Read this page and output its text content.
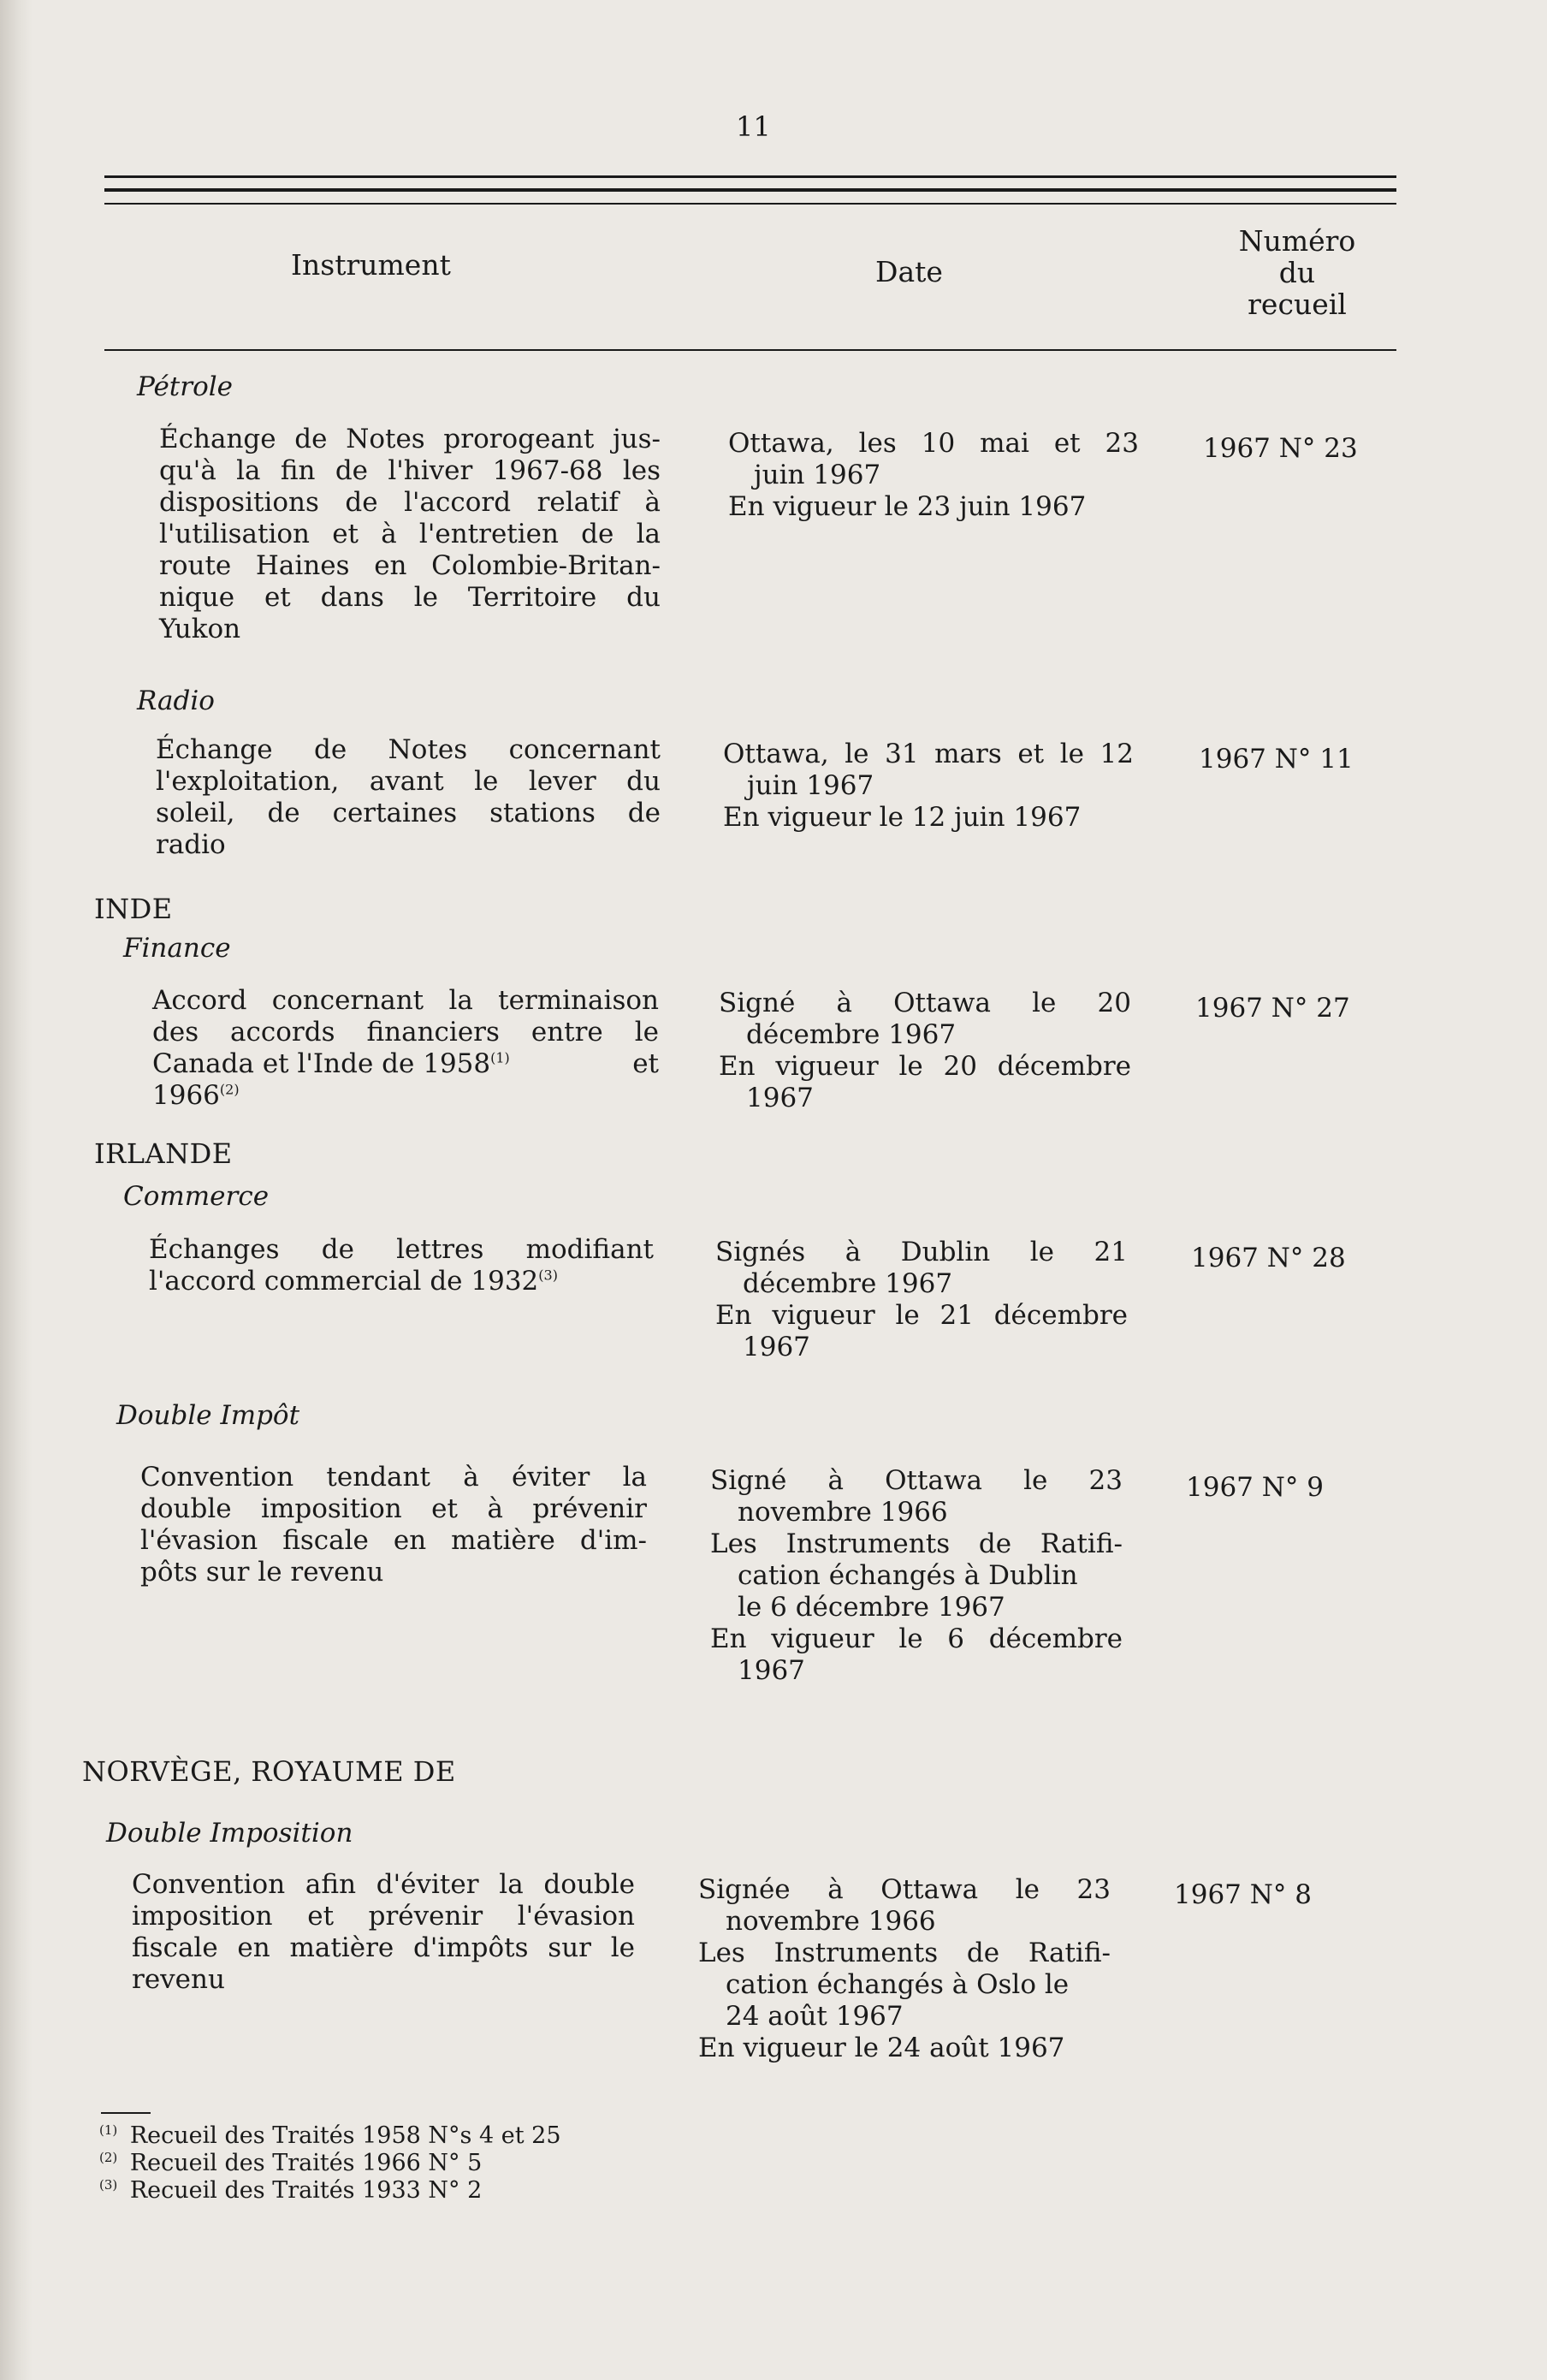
11
Instrument	Date
Numéro
du
recueil
Pétrole
Échange de Notes prorogeant jus-
qu'à la fin de l'hiver 1967-68 les
dispositions de l'accord relatif à
l'utilisation et à l'entretien de la
route Haines en Colombie-Britan-
nique et dans le Territoire du
Yukon
Ottawa, les 10 mai et 23
juin 1967
En vigueur le 23 juin 1967
1967 N° 23
Radio
Échange de Notes concernant
l'exploitation, avant le lever du
soleil, de certaines stations de
radio
Ottawa, le 31 mars et le 12
juin 1967
En vigueur le 12 juin 1967
1967 N° 11
INDE
Finance
Accord concernant la terminaison
des accords financiers entre le
Canada et l'Inde de 1958$^{(1)}$	et
1966$^{(2)}$
Signé à Ottawa le 20
décembre 1967
En vigueur le 20 décembre
1967
1967 N° 27
IRLANDE
Commerce
Échanges de lettres modifiant
l'accord commercial de 1932$^{(3)}$
Signés à Dublin le 21
décembre 1967
En vigueur le 21 décembre
1967
1967 N° 28
Double Impôt
Convention tendant à éviter la
double imposition et à prévenir
l'évasion fiscale en matière d'im-
pôts sur le revenu
Signé à Ottawa le 23
novembre 1966
Les Instruments de Ratifi-
cation échangés à Dublin
le 6 décembre 1967
En vigueur le 6 décembre
1967
1967 N° 9
NORVÈGE, ROYAUME DE
Double Imposition
Convention afin d'éviter la double
imposition et prévenir l'évasion
fiscale en matière d'impôts sur le
revenu
Signée à Ottawa le 23
novembre 1966
Les Instruments de Ratifi-
cation échangés à Oslo le
24 août 1967
En vigueur le 24 août 1967
1967 N° 8
$^{(1)}$ Recueil des Traités 1958 N°s 4 et 25
$^{(2)}$ Recueil des Traités 1966 N° 5
$^{(3)}$ Recueil des Traités 1933 N° 2
